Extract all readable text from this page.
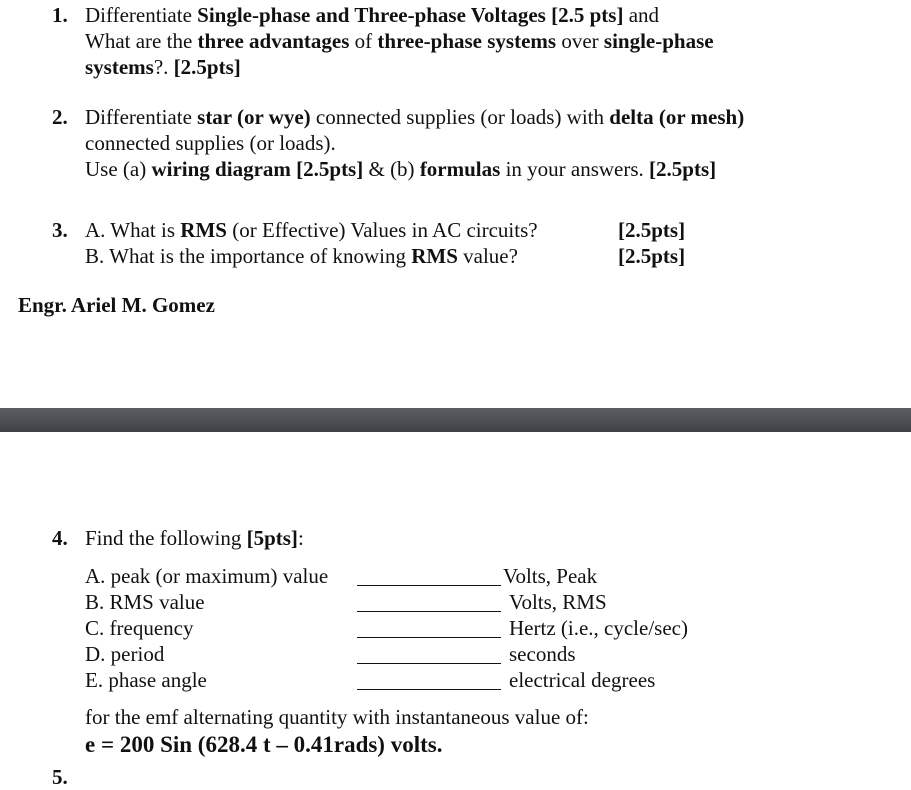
1. Differentiate Single-phase and Three-phase Voltages [2.5 pts] and
What are the three advantages of three-phase systems over single-phase
systems?. [2.5pts]
2. Differentiate star (or wye) connected supplies (or loads) with delta (or mesh)
connected supplies (or loads).
Use (a) wiring diagram [2.5pts] & (b) formulas in your answers. [2.5pts]
3. A. What is RMS (or Effective) Values in AC circuits?	[2.5pts]
B. What is the importance of knowing RMS value?	[2.5pts]
Engr. Ariel M. Gomez
4. Find the following [5pts]:
A. peak (or maximum) value	Volts, Peak
B. RMS value	Volts, RMS
C. frequency	Hertz (i.e., cycle/sec)
D. period	seconds
E. phase angle	electrical degrees
for the emf alternating quantity with instantaneous value of:
e = 200 Sin (628.4 t – 0.41rads) volts.
5.
